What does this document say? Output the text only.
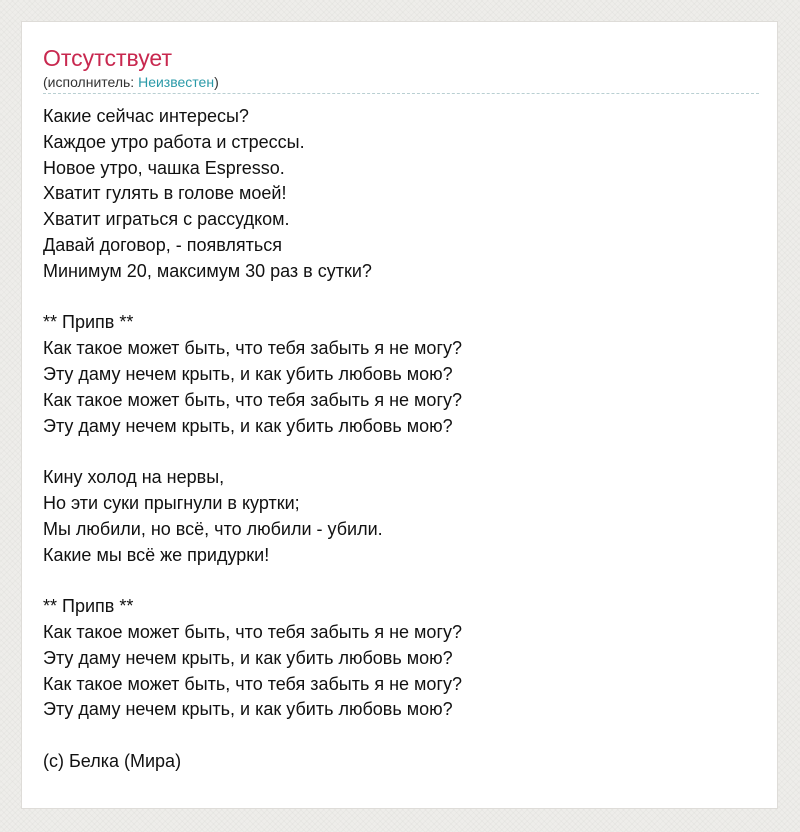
Отсутствует
(исполнитель: Неизвестен)
Какие сейчас интересы?
Каждое утро работа и стрессы.
Новое утро, чашка Espresso.
Хватит гулять в голове моей!
Хватит играться с рассудком.
Давай договор, - появляться
Минимум 20, максимум 30 раз в сутки?
** Припв **
Как такое может быть, что тебя забыть я не могу?
Эту даму нечем крыть, и как убить любовь мою?
Как такое может быть, что тебя забыть я не могу?
Эту даму нечем крыть, и как убить любовь мою?
Кину холод на нервы,
Но эти суки прыгнули в куртки;
Мы любили, но всё, что любили - убили.
Какие мы всё же придурки!
** Припв **
Как такое может быть, что тебя забыть я не могу?
Эту даму нечем крыть, и как убить любовь мою?
Как такое может быть, что тебя забыть я не могу?
Эту даму нечем крыть, и как убить любовь мою?
(c) Белка (Мира)
